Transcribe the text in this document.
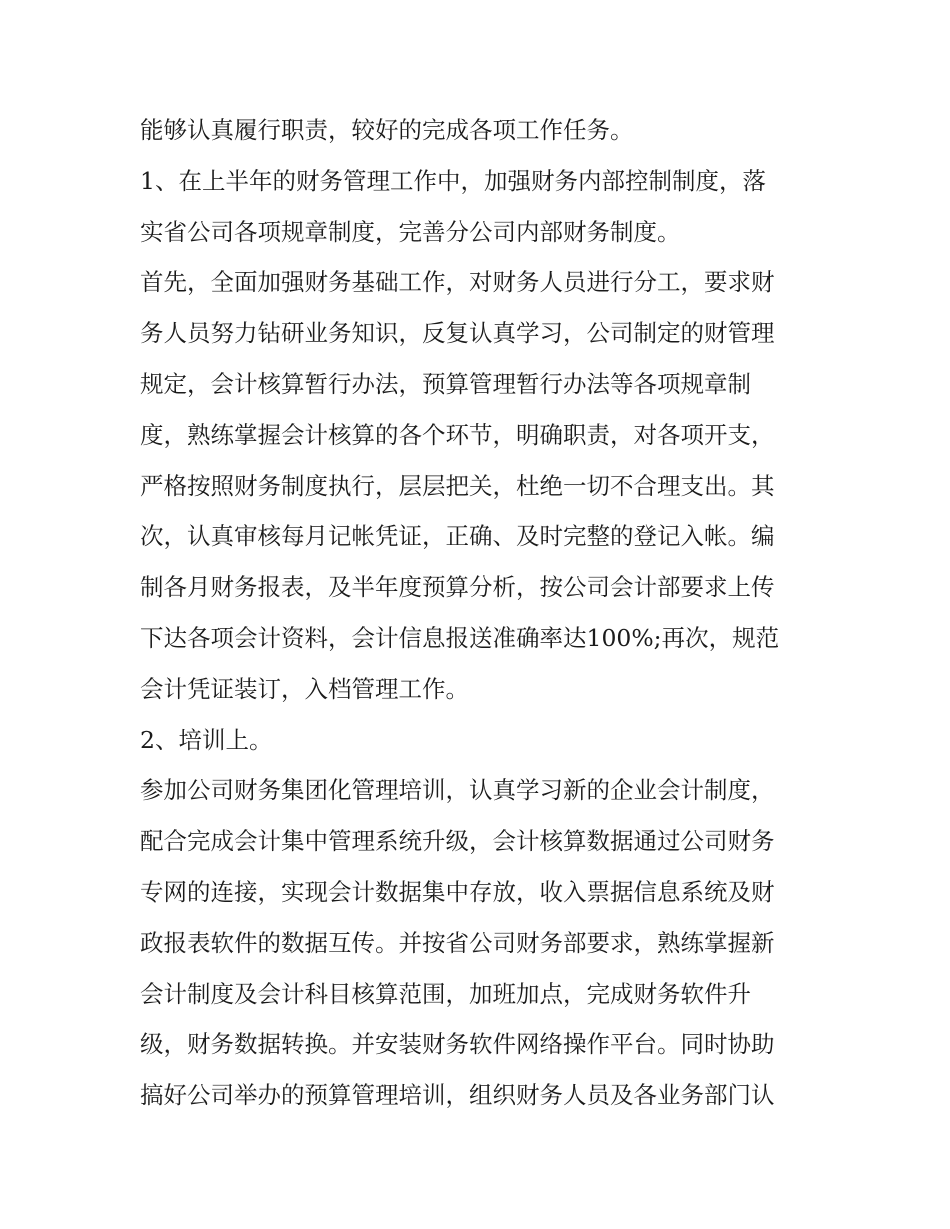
能够认真履行职责，较好的完成各项工作任务。
1、在上半年的财务管理工作中，加强财务内部控制制度，落
实省公司各项规章制度，完善分公司内部财务制度。
首先，全面加强财务基础工作，对财务人员进行分工，要求财
务人员努力钻研业务知识，反复认真学习，公司制定的财管理
规定，会计核算暂行办法，预算管理暂行办法等各项规章制
度，熟练掌握会计核算的各个环节，明确职责，对各项开支，
严格按照财务制度执行，层层把关，杜绝一切不合理支出。其
次，认真审核每月记帐凭证，正确、及时完整的登记入帐。编
制各月财务报表，及半年度预算分析，按公司会计部要求上传
下达各项会计资料，会计信息报送准确率达100%;再次，规范
会计凭证装订，入档管理工作。
2、培训上。
参加公司财务集团化管理培训，认真学习新的企业会计制度，
配合完成会计集中管理系统升级，会计核算数据通过公司财务
专网的连接，实现会计数据集中存放，收入票据信息系统及财
政报表软件的数据互传。并按省公司财务部要求，熟练掌握新
会计制度及会计科目核算范围，加班加点，完成财务软件升
级，财务数据转换。并安装财务软件网络操作平台。同时协助
搞好公司举办的预算管理培训，组织财务人员及各业务部门认
